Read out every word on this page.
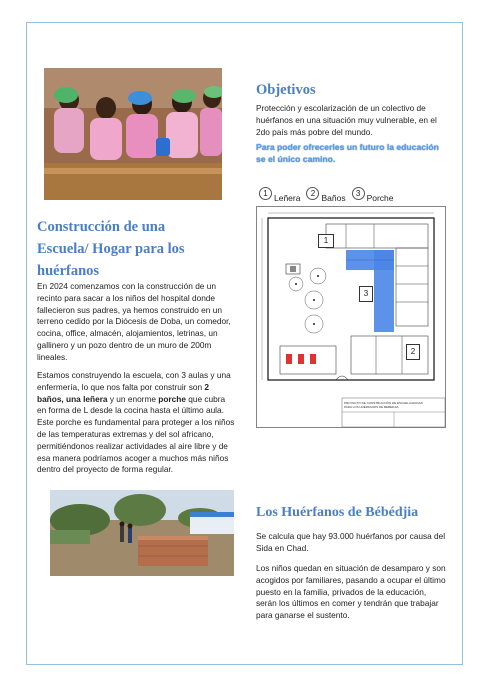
Objetivos
Protección y escolarización de un colectivo de huérfanos en una situación muy vulnerable, en el 2do país más pobre del mundo.
Para poder ofrecerles un futuro la educación se el único camino.
1 Leñera	2 Baños	3 Porche
1
3
2
PROYECTO DE CONSTRUCCIÓN DE ESCUELA/HOGAR
PARA LOS HUÉRFANOS DE BEBEDJIA
Construcción de una
Escuela/ Hogar para los
huérfanos
En 2024 comenzamos con la construcción de un recinto para sacar a los niños del hospital donde fallecieron sus padres, ya hemos construido en un terreno cedido por la Diócesis de Doba, un comedor, cocina, office, almacén, alojamientos, letrinas, un gallinero y un pozo dentro de un muro de 200m lineales.
Estamos construyendo la escuela, con 3 aulas y una enfermería, lo que nos falta por construir son 2 baños, una leñera y un enorme porche que cubra en forma de L desde la cocina hasta el último aula. Este porche es fundamental para proteger a los niños de las temperaturas extremas y del sol africano, permitiéndonos realizar actividades al aire libre y de esa manera podríamos acoger a muchos más niños dentro del proyecto de forma regular.
Los Huérfanos de Bébédjia
Se calcula que hay 93.000 huérfanos por causa del Sida en Chad.
Los niños quedan en situación de desamparo y son acogidos por familiares, pasando a ocupar el último puesto en la familia, privados de la educación, serán los últimos en comer y tendrán que trabajar para ganarse el sustento.
